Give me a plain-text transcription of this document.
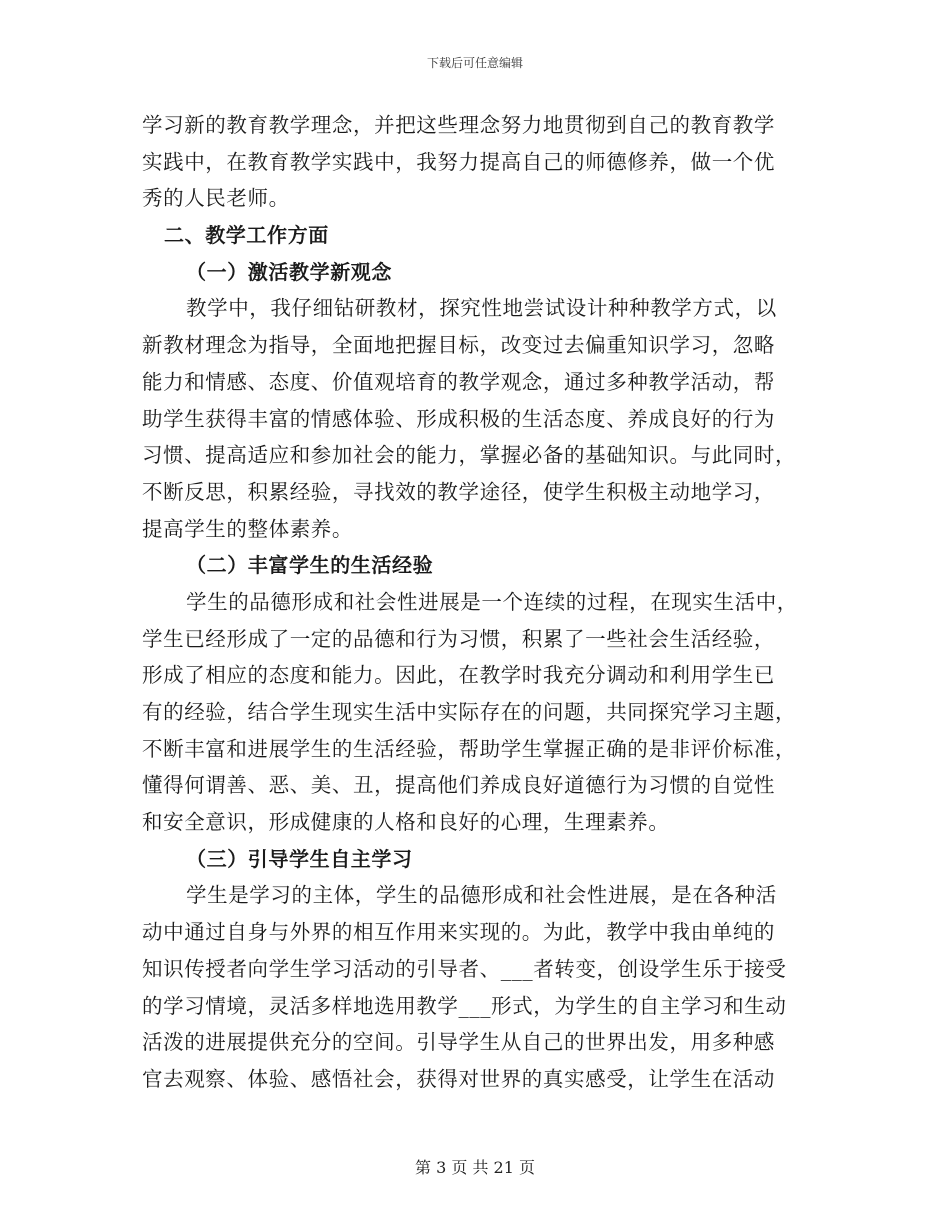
下载后可任意编辑
学习新的教育教学理念，并把这些理念努力地贯彻到自己的教育教学
实践中，在教育教学实践中，我努力提高自己的师德修养，做一个优
秀的人民老师。
二、教学工作方面
（一）激活教学新观念
教学中，我仔细钻研教材，探究性地尝试设计种种教学方式，以
新教材理念为指导，全面地把握目标，改变过去偏重知识学习，忽略
能力和情感、态度、价值观培育的教学观念，通过多种教学活动，帮
助学生获得丰富的情感体验、形成积极的生活态度、养成良好的行为
习惯、提高适应和参加社会的能力，掌握必备的基础知识。与此同时，
不断反思，积累经验，寻找效的教学途径，使学生积极主动地学习，
提高学生的整体素养。
（二）丰富学生的生活经验
学生的品德形成和社会性进展是一个连续的过程，在现实生活中，
学生已经形成了一定的品德和行为习惯，积累了一些社会生活经验，
形成了相应的态度和能力。因此，在教学时我充分调动和利用学生已
有的经验，结合学生现实生活中实际存在的问题，共同探究学习主题，
不断丰富和进展学生的生活经验，帮助学生掌握正确的是非评价标准，
懂得何谓善、恶、美、丑，提高他们养成良好道德行为习惯的自觉性
和安全意识，形成健康的人格和良好的心理，生理素养。
（三）引导学生自主学习
学生是学习的主体，学生的品德形成和社会性进展，是在各种活
动中通过自身与外界的相互作用来实现的。为此，教学中我由单纯的
知识传授者向学生学习活动的引导者、___者转变，创设学生乐于接受
的学习情境，灵活多样地选用教学___形式，为学生的自主学习和生动
活泼的进展提供充分的空间。引导学生从自己的世界出发，用多种感
官去观察、体验、感悟社会，获得对世界的真实感受，让学生在活动
第 3 页 共 21 页
